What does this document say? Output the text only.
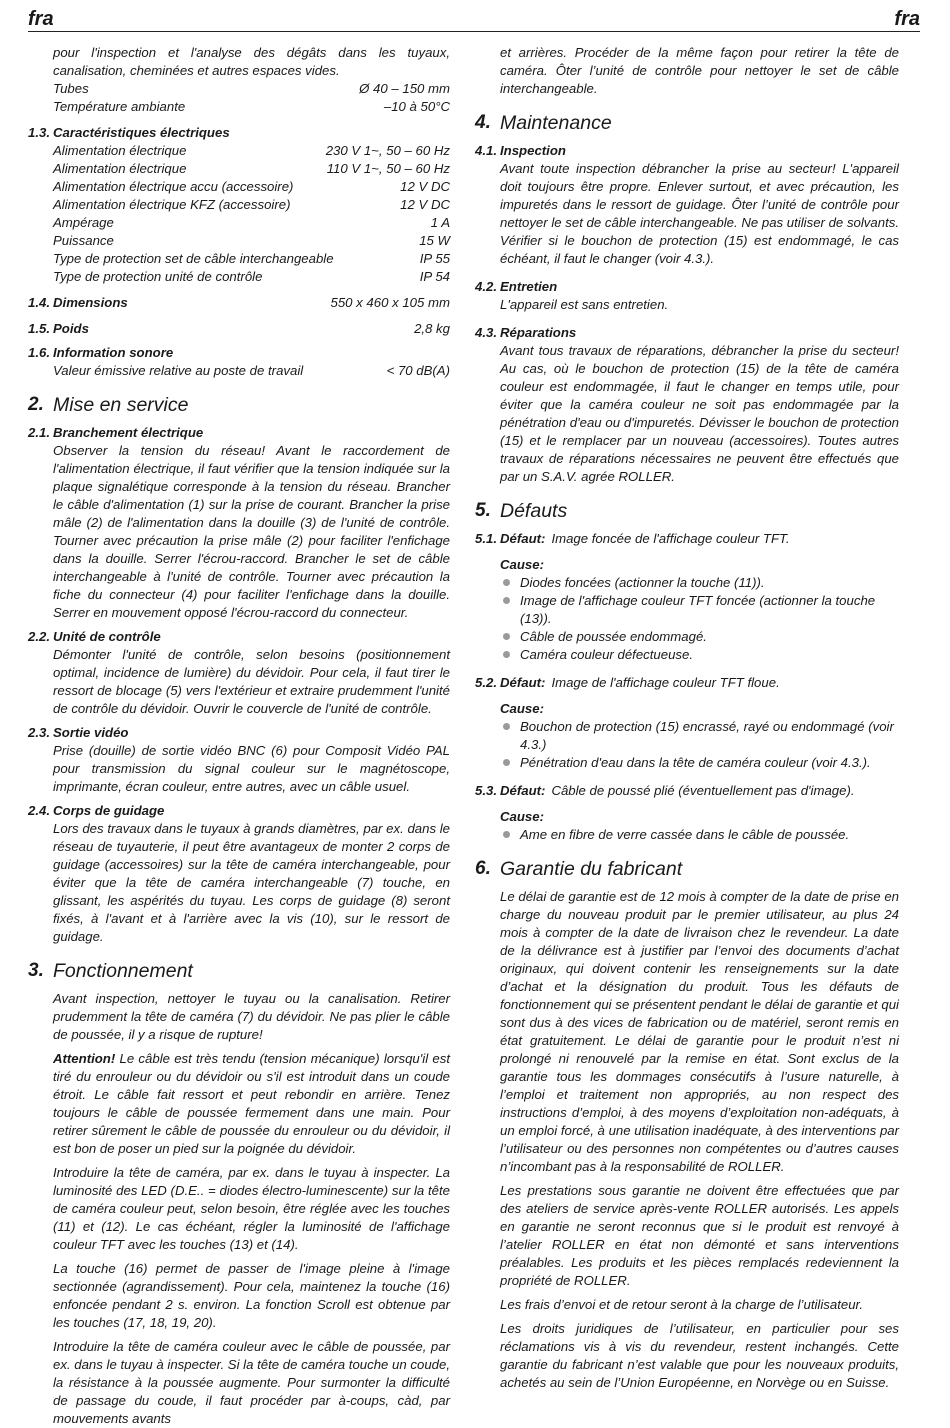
fra	fra

pour l'inspection et l'analyse des dégâts dans les tuyaux, canalisation, cheminées et autres espaces vides.

Tubes	Ø 40 – 150 mm
Température ambiante	–10 à 50°C
1.3. Caractéristiques électriques
Alimentation électrique	230 V 1~, 50 – 60 Hz
Alimentation électrique	110 V 1~, 50 – 60 Hz
Alimentation électrique accu (accessoire)	12 V DC
Alimentation électrique KFZ (accessoire)	12 V DC
Ampérage	1 A
Puissance	15 W
Type de protection set de câble interchangeable	IP 55
Type de protection unité de contrôle	IP 54
1.4. Dimensions	550 x 460 x 105 mm
1.5. Poids	2,8 kg
1.6. Information sonore
Valeur émissive relative au poste de travail	< 70 dB(A)
2. Mise en service
2.1. Branchement électrique

Observer la tension du réseau! Avant le raccordement de l'alimentation électrique, il faut vérifier que la tension indiquée sur la plaque signalétique corresponde à la tension du réseau. Brancher le câble d'alimentation (1) sur la prise de courant. Brancher la prise mâle (2) de l'alimentation dans la douille (3) de l'unité de contrôle. Tourner avec précaution la prise mâle (2) pour faciliter l'enfichage dans la douille. Serrer l'écrou-raccord. Brancher le set de câble interchangeable à l'unité de contrôle. Tourner avec précaution la fiche du connecteur (4) pour faciliter l'enfichage dans la douille. Serrer en mouvement opposé l'écrou-raccord du connecteur.

2.2. Unité de contrôle

Démonter l'unité de contrôle, selon besoins (positionnement optimal, incidence de lumière) du dévidoir. Pour cela, il faut tirer le ressort de blocage (5) vers l'extérieur et extraire prudemment l'unité de contrôle du dévidoir. Ouvrir le couvercle de l'unité de contrôle.

2.3. Sortie vidéo

Prise (douille) de sortie vidéo BNC (6) pour Composit Vidéo PAL pour transmission du signal couleur sur le magnétoscope, imprimante, écran couleur, entre autres, avec un câble usuel.

2.4. Corps de guidage

Lors des travaux dans le tuyaux à grands diamètres, par ex. dans le réseau de tuyauterie, il peut être avantageux de monter 2 corps de guidage (accessoires) sur la tête de caméra interchangeable, pour éviter que la tête de caméra interchangeable (7) touche, en glissant, les aspérités du tuyau. Les corps de guidage (8) seront fixés, à l'avant et à l'arrière avec la vis (10), sur le ressort de guidage.

3. Fonctionnement

Avant inspection, nettoyer le tuyau ou la canalisation. Retirer prudemment la tête de caméra (7) du dévidoir. Ne pas plier le câble de poussée, il y a risque de rupture!

Attention! Le câble est très tendu (tension mécanique) lorsqu'il est tiré du enrouleur ou du dévidoir ou s'il est introduit dans un coude étroit. Le câble fait ressort et peut rebondir en arrière. Tenez toujours le câble de poussée fermement dans une main. Pour retirer sûrement le câble de poussée du enrouleur ou du dévidoir, il est bon de poser un pied sur la poignée du dévidoir.

Introduire la tête de caméra, par ex. dans le tuyau à inspecter. La luminosité des LED (D.E.. = diodes électro-luminescente) sur la tête de caméra couleur peut, selon besoin, être réglée avec les touches (11) et (12). Le cas échéant, régler la luminosité de l'affichage couleur TFT avec les touches (13) et (14).

La touche (16) permet de passer de l'image pleine à l'image sectionnée (agrandissement). Pour cela, maintenez la touche (16) enfoncée pendant 2 s. environ. La fonction Scroll est obtenue par les touches (17, 18, 19, 20).

Introduire la tête de caméra couleur avec le câble de poussée, par ex. dans le tuyau à inspecter. Si la tête de caméra touche un coude, la résistance à la poussée augmente. Pour surmonter la difficulté de passage du coude, il faut procéder par à-coups, càd, par mouvements avants

et arrières. Procéder de la même façon pour retirer la tête de caméra. Ôter l’unité de contrôle pour nettoyer le set de câble interchangeable.

4. Maintenance
4.1. Inspection

Avant toute inspection débrancher la prise au secteur! L'appareil doit toujours être propre. Enlever surtout, et avec précaution, les impuretés dans le ressort de guidage. Ôter l’unité de contrôle pour nettoyer le set de câble interchangeable. Ne pas utiliser de solvants. Vérifier si le bouchon de protection (15) est endommagé, le cas échéant, il faut le changer (voir 4.3.).

4.2. Entretien

L'appareil est sans entretien.

4.3. Réparations

Avant tous travaux de réparations, débrancher la prise du secteur! Au cas, où le bouchon de protection (15) de la tête de caméra couleur est endommagée, il faut le changer en temps utile, pour éviter que la caméra couleur ne soit pas endommagée par la pénétration d'eau ou d'impuretés. Dévisser le bouchon de protection (15) et le remplacer par un nouveau (accessoires). Toutes autres travaux de réparations nécessaires ne peuvent être effectués que par un S.A.V. agrée ROLLER.

5. Défauts
5.1. Défaut: Image foncée de l'affichage couleur TFT.
Cause:
Diodes foncées (actionner la touche (11)).
Image de l'affichage couleur TFT foncée (actionner la touche (13)).
Câble de poussée endommagé.
Caméra couleur défectueuse.
5.2. Défaut: Image de l'affichage couleur TFT floue.
Cause:
Bouchon de protection (15) encrassé, rayé ou endommagé (voir 4.3.)
Pénétration d'eau dans la tête de caméra couleur (voir 4.3.).
5.3. Défaut: Câble de poussé plié (éventuellement pas d'image).
Cause:
Ame en fibre de verre cassée dans le câble de poussée.
6. Garantie du fabricant

Le délai de garantie est de 12 mois à compter de la date de prise en charge du nouveau produit par le premier utilisateur, au plus 24 mois à compter de la date de livraison chez le revendeur. La date de la délivrance est à justifier par l’envoi des documents d’achat originaux, qui doivent contenir les renseignements sur la date d’achat et la désignation du produit. Tous les défauts de fonctionnement qui se présentent pendant le délai de garantie et qui sont dus à des vices de fabrication ou de matériel, seront remis en état gratuitement. Le délai de garantie pour le produit n’est ni prolongé ni renouvelé par la remise en état. Sont exclus de la garantie tous les dommages consécutifs à l’usure naturelle, à l’emploi et traitement non appropriés, au non respect des instructions d’emploi, à des moyens d’exploitation non-adéquats, à un emploi forcé, à une utilisation inadéquate, à des interventions par l’utilisateur ou des personnes non compétentes ou d’autres causes n’incombant pas à la responsabilité de ROLLER.

Les prestations sous garantie ne doivent être effectuées que par des ateliers de service après-vente ROLLER autorisés. Les appels en garantie ne seront reconnus que si le produit est renvoyé à l’atelier ROLLER en état non démonté et sans interventions préalables. Les produits et les pièces remplacés redeviennent la propriété de ROLLER.

Les frais d’envoi et de retour seront à la charge de l’utilisateur.

Les droits juridiques de l’utilisateur, en particulier pour ses réclamations vis à vis du revendeur, restent inchangés. Cette garantie du fabricant n’est valable que pour les nouveaux produits, achetés au sein de l’Union Européenne, en Norvège ou en Suisse.
